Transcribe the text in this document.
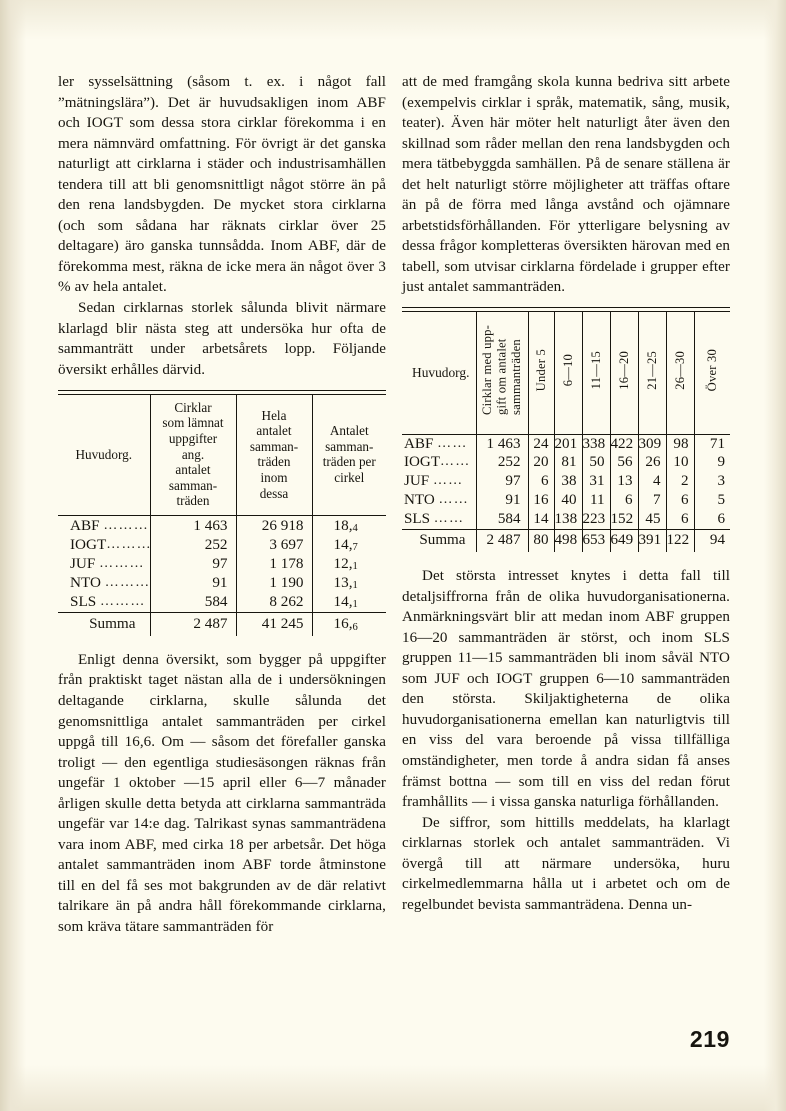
ler sysselsättning (såsom t. ex. i något fall ”mätningslära”). Det är huvudsakligen inom ABF och IOGT som dessa stora cirklar förekomma i en mera nämnvärd omfattning. För övrigt är det ganska naturligt att cirklarna i städer och industrisamhällen tendera till att bli genomsnittligt något större än på den rena landsbygden. De mycket stora cirklarna (och som sådana har räknats cirklar över 25 deltagare) äro ganska tunnsådda. Inom ABF, där de förekomma mest, räkna de icke mera än något över 3 % av hela antalet.

Sedan cirklarnas storlek sålunda blivit närmare klarlagd blir nästa steg att undersöka hur ofta de sammanträtt under arbetsårets lopp. Följande översikt erhålles därvid.

Huvudorg.	Cirklar
som lämnat
uppgifter
ang.
antalet
samman-
träden	Hela
antalet
samman-
träden
inom
dessa	Antalet
samman-
träden per
cirkel
ABF ………	1 463	26 918	18,4
IOGT………	252	3 697	14,7
JUF ………	97	1 178	12,1
NTO ………	91	1 190	13,1
SLS ………	584	8 262	14,1
Summa	2 487	41 245	16,6

Enligt denna översikt, som bygger på uppgifter från praktiskt taget nästan alla de i undersökningen deltagande cirklarna, skulle sålunda det genomsnittliga antalet sammanträden per cirkel uppgå till 16,6. Om — såsom det förefaller ganska troligt — den egentliga studiesäsongen räknas från ungefär 1 oktober —15 april eller 6—7 månader årligen skulle detta betyda att cirklarna sammanträda ungefär var 14:e dag. Talrikast synas sammanträdena vara inom ABF, med cirka 18 per arbetsår. Det höga antalet sammanträden inom ABF torde åtminstone till en del få ses mot bakgrunden av de där relativt talrikare än på andra håll förekommande cirklarna, som kräva tätare sammanträden för

att de med framgång skola kunna bedriva sitt arbete (exempelvis cirklar i språk, matematik, sång, musik, teater). Även här möter helt naturligt åter även den skillnad som råder mellan den rena landsbygden och mera tätbebyggda samhällen. På de senare ställena är det helt naturligt större möjligheter att träffas oftare än på de förra med långa avstånd och ojämnare arbetstidsförhållanden. För ytterligare belysning av dessa frågor kompletteras översikten härovan med en tabell, som utvisar cirklarna fördelade i grupper efter just antalet sammanträden.

Huvudorg.	Cirklar med upp-
gift om antalet
sammanträden	Under 5	6—10	11—15	16—20	21—25	26—30	Över 30
ABF ……	1 463	24	201	338	422	309	98	71
IOGT……	252	20	81	50	56	26	10	9
JUF ……	97	6	38	31	13	4	2	3
NTO ……	91	16	40	11	6	7	6	5
SLS ……	584	14	138	223	152	45	6	6
Summa	2 487	80	498	653	649	391	122	94

Det största intresset knytes i detta fall till detaljsiffrorna från de olika huvudorganisationerna. Anmärkningsvärt blir att medan inom ABF gruppen 16—20 sammanträden är störst, och inom SLS gruppen 11—15 sammanträden bli inom såväl NTO som JUF och IOGT gruppen 6—10 sammanträden den största. Skiljaktigheterna de olika huvudorganisationerna emellan kan naturligtvis till en viss del vara beroende på vissa tillfälliga omständigheter, men torde å andra sidan få anses främst bottna — som till en viss del redan förut framhållits — i vissa ganska naturliga förhållanden.

De siffror, som hittills meddelats, ha klarlagt cirklarnas storlek och antalet sammanträden. Vi övergå till att närmare undersöka, huru cirkelmedlemmarna hålla ut i arbetet och om de regelbundet bevista sammanträdena. Denna un-

219
